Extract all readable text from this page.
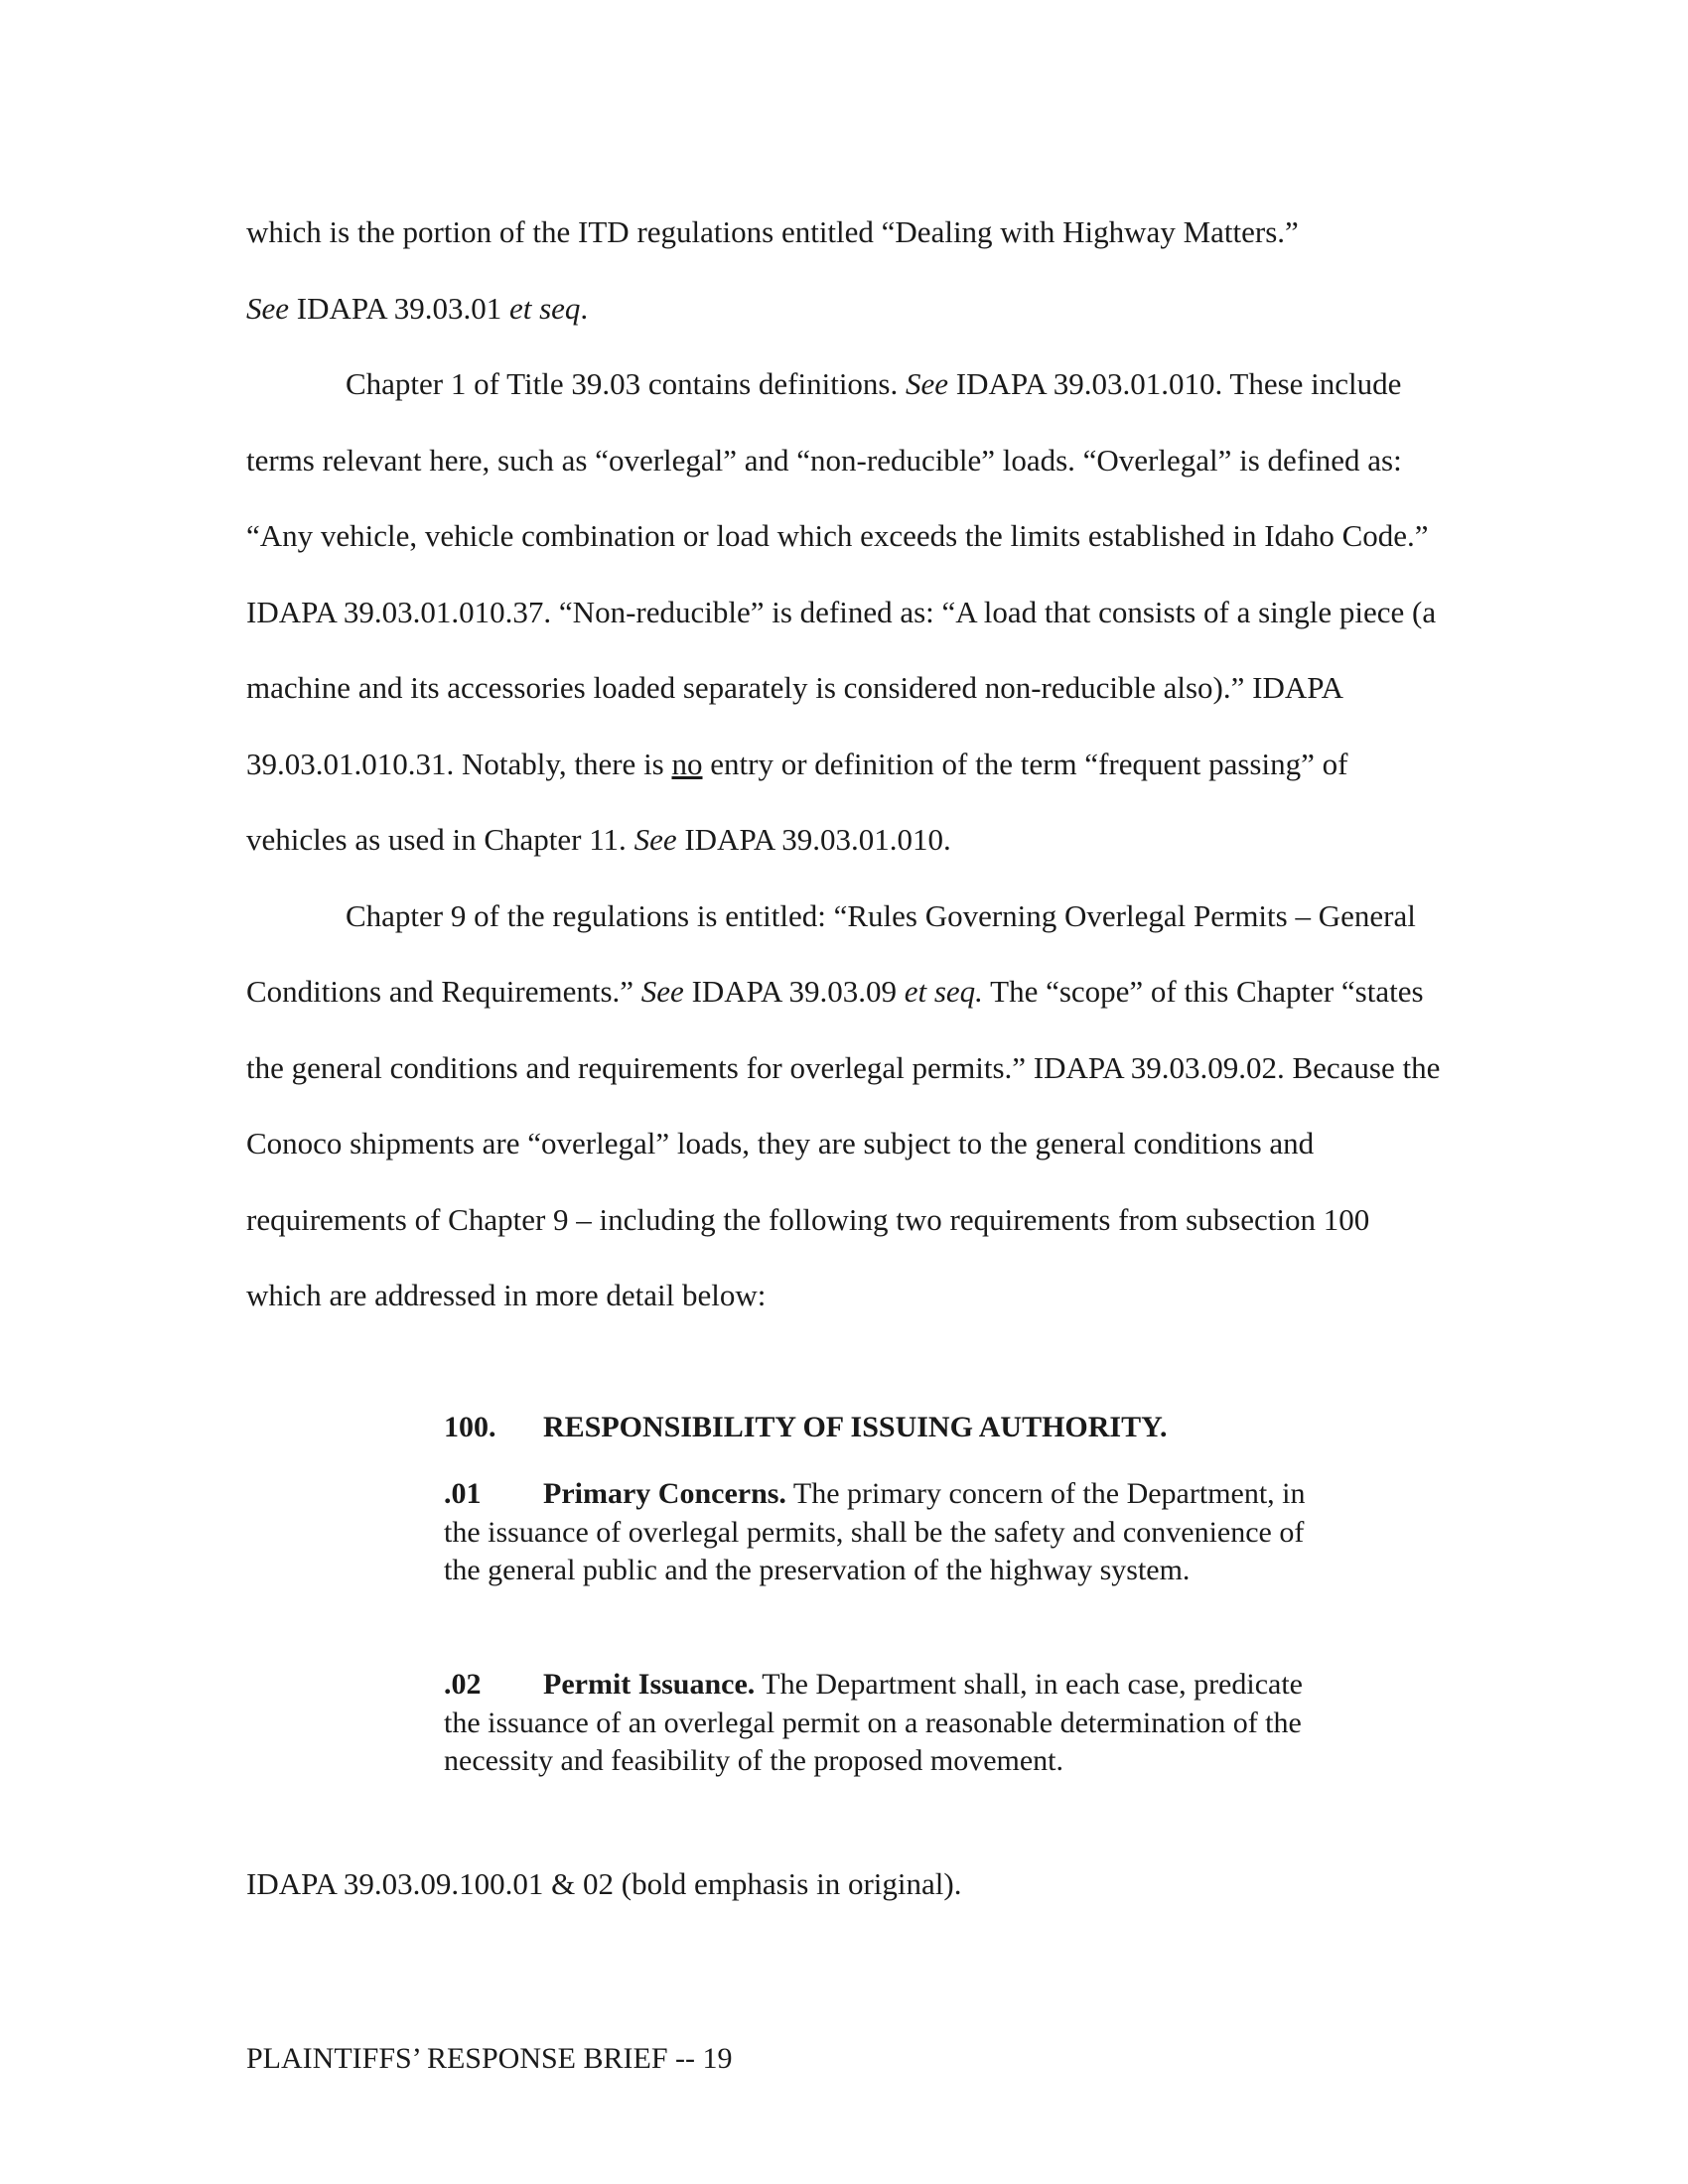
which is the portion of the ITD regulations entitled “Dealing with Highway Matters.”
See IDAPA 39.03.01 et seq.

Chapter 1 of Title 39.03 contains definitions. See IDAPA 39.03.01.010. These include terms relevant here, such as “overlegal” and “non-reducible” loads. “Overlegal” is defined as: “Any vehicle, vehicle combination or load which exceeds the limits established in Idaho Code.” IDAPA 39.03.01.010.37. “Non-reducible” is defined as: “A load that consists of a single piece (a machine and its accessories loaded separately is considered non-reducible also).” IDAPA 39.03.01.010.31. Notably, there is no entry or definition of the term “frequent passing” of vehicles as used in Chapter 11. See IDAPA 39.03.01.010.

Chapter 9 of the regulations is entitled: “Rules Governing Overlegal Permits – General Conditions and Requirements.” See IDAPA 39.03.09 et seq. The “scope” of this Chapter “states the general conditions and requirements for overlegal permits.” IDAPA 39.03.09.02. Because the Conoco shipments are “overlegal” loads, they are subject to the general conditions and requirements of Chapter 9 – including the following two requirements from subsection 100 which are addressed in more detail below:

100. RESPONSIBILITY OF ISSUING AUTHORITY.
.01 Primary Concerns. The primary concern of the Department, in the issuance of overlegal permits, shall be the safety and convenience of the general public and the preservation of the highway system.
.02 Permit Issuance. The Department shall, in each case, predicate the issuance of an overlegal permit on a reasonable determination of the necessity and feasibility of the proposed movement.
IDAPA 39.03.09.100.01 & 02 (bold emphasis in original).
PLAINTIFFS’ RESPONSE BRIEF -- 19
